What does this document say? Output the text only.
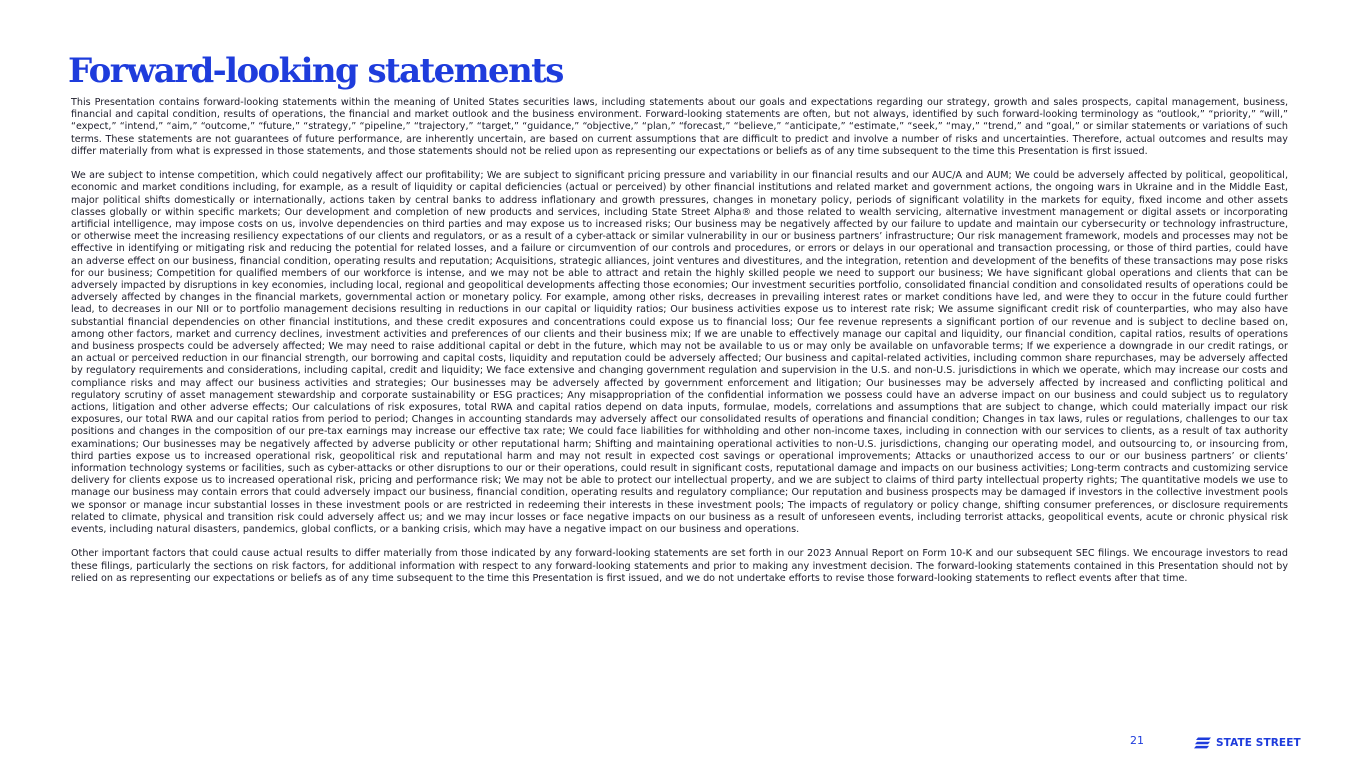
Forward-looking statements

This Presentation contains forward-looking statements within the meaning of United States securities laws, including statements about our goals and expectations regarding our strategy, growth and sales prospects, capital management, business, financial and capital condition, results of operations, the financial and market outlook and the business environment. Forward-looking statements are often, but not always, identified by such forward-looking terminology as “outlook,” “priority,” “will,” “expect,” “intend,” “aim,” “outcome,” “future,” “strategy,” “pipeline,” “trajectory,” “target,” “guidance,” “objective,” “plan,” “forecast,” “believe,” “anticipate,” “estimate,” “seek,” “may,” “trend,” and “goal,” or similar statements or variations of such terms. These statements are not guarantees of future performance, are inherently uncertain, are based on current assumptions that are difficult to predict and involve a number of risks and uncertainties. Therefore, actual outcomes and results may differ materially from what is expressed in those statements, and those statements should not be relied upon as representing our expectations or beliefs as of any time subsequent to the time this Presentation is first issued.

We are subject to intense competition, which could negatively affect our profitability; We are subject to significant pricing pressure and variability in our financial results and our AUC/A and AUM; We could be adversely affected by political, geopolitical, economic and market conditions including, for example, as a result of liquidity or capital deficiencies (actual or perceived) by other financial institutions and related market and government actions, the ongoing wars in Ukraine and in the Middle East, major political shifts domestically or internationally, actions taken by central banks to address inflationary and growth pressures, changes in monetary policy, periods of significant volatility in the markets for equity, fixed income and other assets classes globally or within specific markets; Our development and completion of new products and services, including State Street Alpha® and those related to wealth servicing, alternative investment management or digital assets or incorporating artificial intelligence, may impose costs on us, involve dependencies on third parties and may expose us to increased risks; Our business may be negatively affected by our failure to update and maintain our cybersecurity or technology infrastructure, or otherwise meet the increasing resiliency expectations of our clients and regulators, or as a result of a cyber-attack or similar vulnerability in our or business partners’ infrastructure; Our risk management framework, models and processes may not be effective in identifying or mitigating risk and reducing the potential for related losses, and a failure or circumvention of our controls and procedures, or errors or delays in our operational and transaction processing, or those of third parties, could have an adverse effect on our business, financial condition, operating results and reputation; Acquisitions, strategic alliances, joint ventures and divestitures, and the integration, retention and development of the benefits of these transactions may pose risks for our business; Competition for qualified members of our workforce is intense, and we may not be able to attract and retain the highly skilled people we need to support our business; We have significant global operations and clients that can be adversely impacted by disruptions in key economies, including local, regional and geopolitical developments affecting those economies; Our investment securities portfolio, consolidated financial condition and consolidated results of operations could be adversely affected by changes in the financial markets, governmental action or monetary policy. For example, among other risks, decreases in prevailing interest rates or market conditions have led, and were they to occur in the future could further lead, to decreases in our NII or to portfolio management decisions resulting in reductions in our capital or liquidity ratios; Our business activities expose us to interest rate risk; We assume significant credit risk of counterparties, who may also have substantial financial dependencies on other financial institutions, and these credit exposures and concentrations could expose us to financial loss; Our fee revenue represents a significant portion of our revenue and is subject to decline based on, among other factors, market and currency declines, investment activities and preferences of our clients and their business mix; If we are unable to effectively manage our capital and liquidity, our financial condition, capital ratios, results of operations and business prospects could be adversely affected; We may need to raise additional capital or debt in the future, which may not be available to us or may only be available on unfavorable terms; If we experience a downgrade in our credit ratings, or an actual or perceived reduction in our financial strength, our borrowing and capital costs, liquidity and reputation could be adversely affected; Our business and capital-related activities, including common share repurchases, may be adversely affected by regulatory requirements and considerations, including capital, credit and liquidity; We face extensive and changing government regulation and supervision in the U.S. and non-U.S. jurisdictions in which we operate, which may increase our costs and compliance risks and may affect our business activities and strategies; Our businesses may be adversely affected by government enforcement and litigation; Our businesses may be adversely affected by increased and conflicting political and regulatory scrutiny of asset management stewardship and corporate sustainability or ESG practices; Any misappropriation of the confidential information we possess could have an adverse impact on our business and could subject us to regulatory actions, litigation and other adverse effects; Our calculations of risk exposures, total RWA and capital ratios depend on data inputs, formulae, models, correlations and assumptions that are subject to change, which could materially impact our risk exposures, our total RWA and our capital ratios from period to period; Changes in accounting standards may adversely affect our consolidated results of operations and financial condition; Changes in tax laws, rules or regulations, challenges to our tax positions and changes in the composition of our pre-tax earnings may increase our effective tax rate; We could face liabilities for withholding and other non-income taxes, including in connection with our services to clients, as a result of tax authority examinations; Our businesses may be negatively affected by adverse publicity or other reputational harm; Shifting and maintaining operational activities to non-U.S. jurisdictions, changing our operating model, and outsourcing to, or insourcing from, third parties expose us to increased operational risk, geopolitical risk and reputational harm and may not result in expected cost savings or operational improvements; Attacks or unauthorized access to our or our business partners’ or clients’ information technology systems or facilities, such as cyber-attacks or other disruptions to our or their operations, could result in significant costs, reputational damage and impacts on our business activities; Long-term contracts and customizing service delivery for clients expose us to increased operational risk, pricing and performance risk; We may not be able to protect our intellectual property, and we are subject to claims of third party intellectual property rights; The quantitative models we use to manage our business may contain errors that could adversely impact our business, financial condition, operating results and regulatory compliance; Our reputation and business prospects may be damaged if investors in the collective investment pools we sponsor or manage incur substantial losses in these investment pools or are restricted in redeeming their interests in these investment pools; The impacts of regulatory or policy change, shifting consumer preferences, or disclosure requirements related to climate, physical and transition risk could adversely affect us; and we may incur losses or face negative impacts on our business as a result of unforeseen events, including terrorist attacks, geopolitical events, acute or chronic physical risk events, including natural disasters, pandemics, global conflicts, or a banking crisis, which may have a negative impact on our business and operations.

Other important factors that could cause actual results to differ materially from those indicated by any forward-looking statements are set forth in our 2023 Annual Report on Form 10-K and our subsequent SEC filings. We encourage investors to read these filings, particularly the sections on risk factors, for additional information with respect to any forward-looking statements and prior to making any investment decision. The forward-looking statements contained in this Presentation should not by relied on as representing our expectations or beliefs as of any time subsequent to the time this Presentation is first issued, and we do not undertake efforts to revise those forward-looking statements to reflect events after that time.

21	STATE STREET
